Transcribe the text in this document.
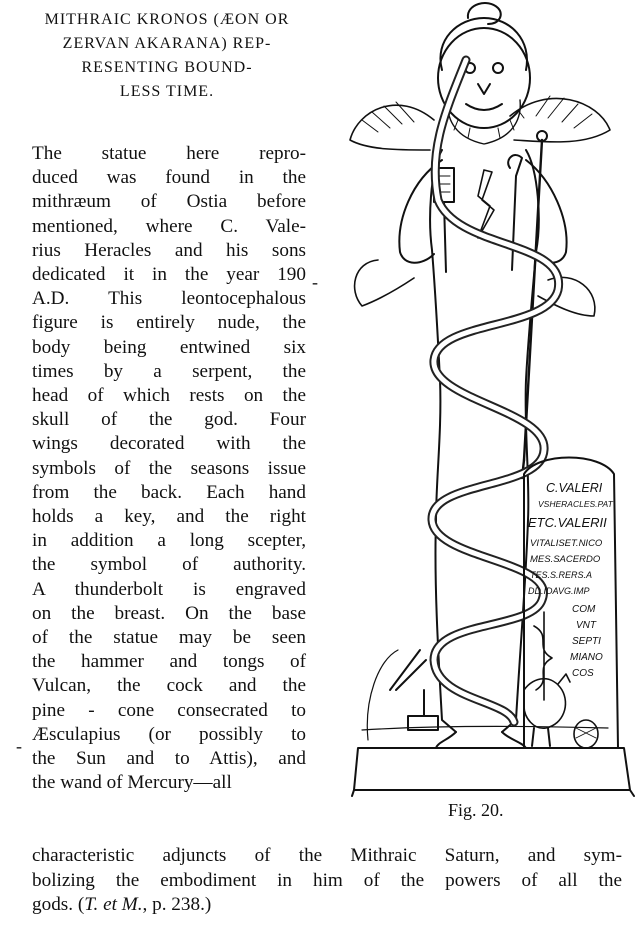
MITHRAIC KRONOS (ÆON OR
ZERVAN AKARANA) REP-
RESENTING BOUND-
LESS TIME.
The statue here repro-
duced was found in the
mithræum of Ostia before
mentioned, where C. Vale-
rius Heracles and his sons
dedicated it in the year 190
A.D. This leontocephalous
figure is entirely nude, the
body being entwined six
times by a serpent, the
head of which rests on the
skull of the god. Four
wings decorated with the
symbols of the seasons issue
from the back. Each hand
holds a key, and the right
in addition a long scepter,
the symbol of authority.
A thunderbolt is engraved
on the breast. On the base
of the statue may be seen
the hammer and tongs of
Vulcan, the cock and the
pine - cone consecrated to
Æsculapius (or possibly to
the Sun and to Attis), and
the wand of Mercury—all
-
-
C.VALERI
VSHERACLES.PAT
ETC.VALERII
VITALISET.NICO
MES.SACERDO
TES.S.RERS.A
DD.IDAVG.IMP
COM
VNT
SEPTI
MIANO
COS
Fig. 20.
characteristic adjuncts of the Mithraic Saturn, and sym-
bolizing the embodiment in him of the powers of all the
gods. (T. et M., p. 238.)
